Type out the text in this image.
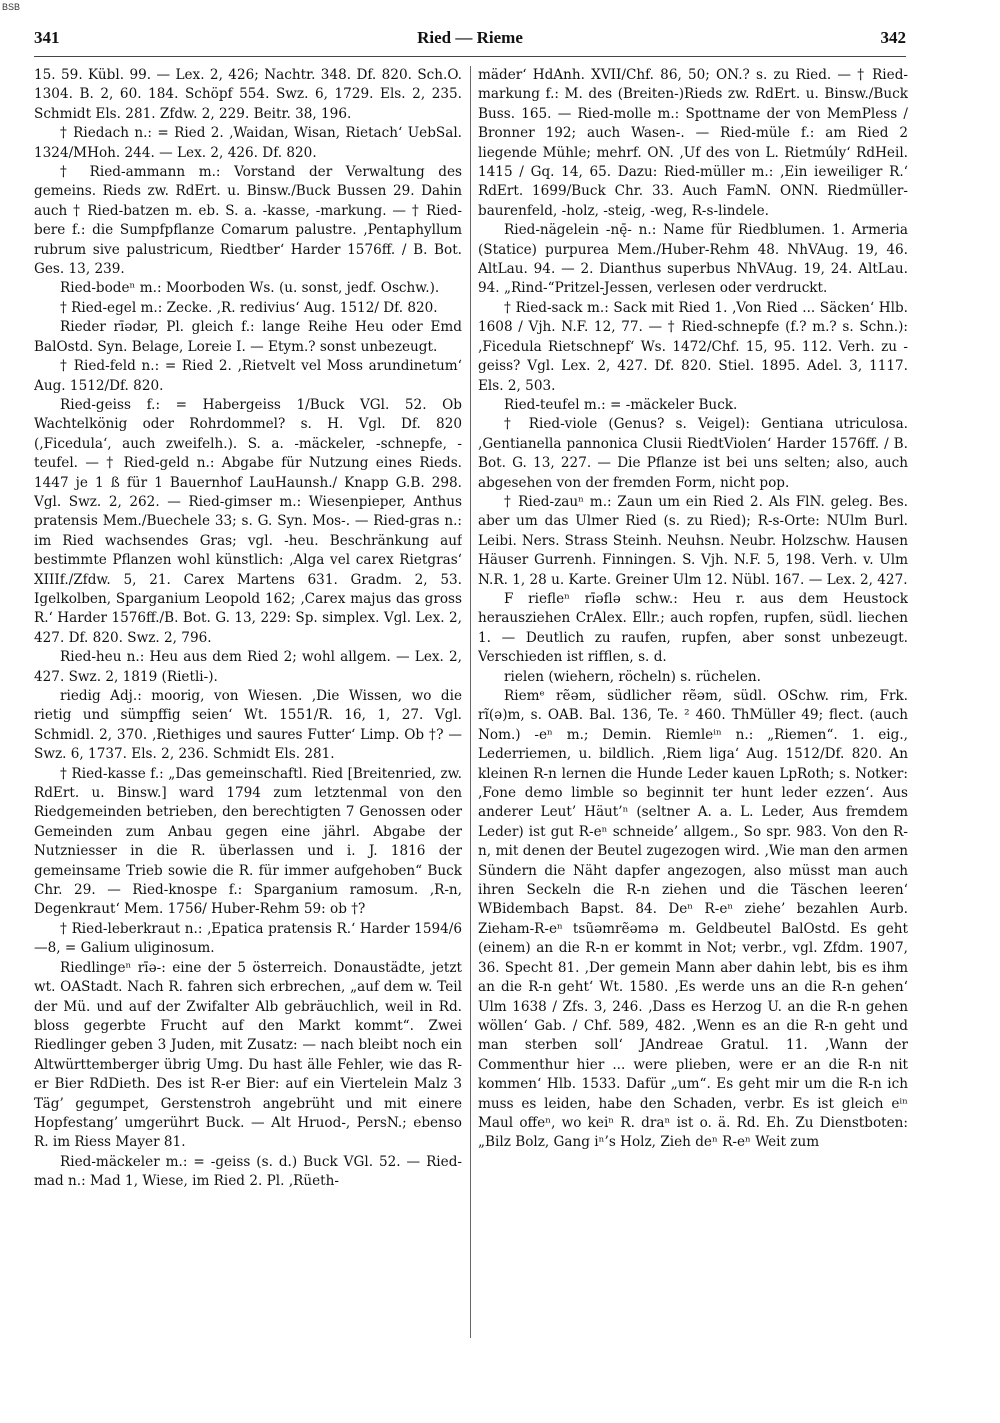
BSB
341	Ried — Rieme	342

15. 59. Kübl. 99. — Lex. 2, 426; Nachtr. 348. Df. 820. Sch.O. 1304. B. 2, 60. 184. Schöpf 554. Swz. 6, 1729. Els. 2, 235. Schmidt Els. 281. Zfdw. 2, 229. Beitr. 38, 196.

† Riedach n.: = Ried 2. ‚Waidan, Wisan, Rietach‘ UebSal. 1324/MHoh. 244. — Lex. 2, 426. Df. 820.

† Ried-ammann m.: Vorstand der Verwaltung des gemeins. Rieds zw. RdErt. u. Binsw./Buck Bussen 29. Dahin auch † Ried-batzen m. eb. S. a. -kasse, -markung. — † Ried-bere f.: die Sumpfpflanze Comarum palustre. ‚Pentaphyllum rubrum sive palustricum, Riedtber‘ Harder 1576ff. / B. Bot. Ges. 13, 239.

Ried-bodeⁿ m.: Moorboden Ws. (u. sonst, jedf. Oschw.).

† Ried-egel m.: Zecke. ‚R. redivius‘ Aug. 1512/ Df. 820.

Rieder rīədər, Pl. gleich f.: lange Reihe Heu oder Emd BalOstd. Syn. Belage, Loreie I. — Etym.? sonst unbezeugt.

† Ried-feld n.: = Ried 2. ‚Rietvelt vel Moss arundinetum‘ Aug. 1512/Df. 820.

Ried-geiss f.: = Habergeiss 1/Buck VGl. 52. Ob Wachtelkönig oder Rohrdommel? s. H. Vgl. Df. 820 (‚Ficedula‘, auch zweifelh.). S. a. -mäckeler, -schnepfe, -teufel. — † Ried-geld n.: Abgabe für Nutzung eines Rieds. 1447 je 1 ß für 1 Bauernhof LauHaunsh./ Knapp G.B. 298. Vgl. Swz. 2, 262. — Ried-gimser m.: Wiesenpieper, Anthus pratensis Mem./Buechele 33; s. G. Syn. Mos-. — Ried-gras n.: im Ried wachsendes Gras; vgl. -heu. Beschränkung auf bestimmte Pflanzen wohl künstlich: ‚Alga vel carex Rietgras‘ XIIIf./Zfdw. 5, 21. Carex Martens 631. Gradm. 2, 53. Igelkolben, Sparganium Leopold 162; ‚Carex majus das gross R.‘ Harder 1576ff./B. Bot. G. 13, 229: Sp. simplex. Vgl. Lex. 2, 427. Df. 820. Swz. 2, 796.

Ried-heu n.: Heu aus dem Ried 2; wohl allgem. — Lex. 2, 427. Swz. 2, 1819 (Rietli-).

riedig Adj.: moorig, von Wiesen. ‚Die Wissen, wo die rietig und sümpffig seien‘ Wt. 1551/R. 16, 1, 27. Vgl. Schmidl. 2, 370. ‚Riethiges und saures Futter‘ Limp. Ob †? — Swz. 6, 1737. Els. 2, 236. Schmidt Els. 281.

† Ried-kasse f.: „Das gemeinschaftl. Ried [Breitenried, zw. RdErt. u. Binsw.] ward 1794 zum letztenmal von den Riedgemeinden betrieben, den berechtigten 7 Genossen oder Gemeinden zum Anbau gegen eine jährl. Abgabe der Nutzniesser in die R. überlassen und i. J. 1816 der gemeinsame Trieb sowie die R. für immer aufgehoben“ Buck Chr. 29. — Ried-knospe f.: Sparganium ramosum. ‚R-n, Degenkraut‘ Mem. 1756/ Huber-Rehm 59: ob †?

† Ried-leberkraut n.: ‚Epatica pratensis R.‘ Harder 1594/6—8, = Galium uliginosum.

Riedlingeⁿ rīə-: eine der 5 österreich. Donaustädte, jetzt wt. OAStadt. Nach R. fahren sich erbrechen, „auf dem w. Teil der Mü. und auf der Zwifalter Alb gebräuchlich, weil in Rd. bloss gegerbte Frucht auf den Markt kommt“. Zwei Riedlinger geben 3 Juden, mit Zusatz: — nach bleibt noch ein Altwürttemberger übrig Umg. Du hast älle Fehler, wie das R-er Bier RdDieth. Des ist R-er Bier: auf ein Viertelein Malz 3 Täg’ gegumpet, Gerstenstroh angebrüht und mit einere Hopfestang’ umgerührt Buck. — Alt Hruod-, PersN.; ebenso R. im Riess Mayer 81.

Ried-mäckeler m.: = -geiss (s. d.) Buck VGl. 52. — Ried-mad n.: Mad 1, Wiese, im Ried 2. Pl. ‚Rüeth-

mäder‘ HdAnh. XVII/Chf. 86, 50; ON.? s. zu Ried. — † Ried-markung f.: M. des (Breiten-)Rieds zw. RdErt. u. Binsw./Buck Buss. 165. — Ried-molle m.: Spottname der von MemPless / Bronner 192; auch Wasen-. — Ried-müle f.: am Ried 2 liegende Mühle; mehrf. ON. ‚Uf des von L. Rietmúly‘ RdHeil. 1415 / Gq. 14, 65. Dazu: Ried-müller m.: ‚Ein ieweiliger R.‘ RdErt. 1699/Buck Chr. 33. Auch FamN. ONN. Riedmüller-baurenfeld, -holz, -steig, -weg, R-s-lindele.

Ried-nägelein -nę̄- n.: Name für Riedblumen. 1. Armeria (Statice) purpurea Mem./Huber-Rehm 48. NhVAug. 19, 46. AltLau. 94. — 2. Dianthus superbus NhVAug. 19, 24. AltLau. 94. „Rind-“Pritzel-Jessen, verlesen oder verdruckt.

† Ried-sack m.: Sack mit Ried 1. ‚Von Ried ... Säcken‘ Hlb. 1608 / Vjh. N.F. 12, 77. — † Ried-schnepfe (f.? m.? s. Schn.): ‚Ficedula Rietschnepf‘ Ws. 1472/Chf. 15, 95. 112. Verh. zu -geiss? Vgl. Lex. 2, 427. Df. 820. Stiel. 1895. Adel. 3, 1117. Els. 2, 503.

Ried-teufel m.: = -mäckeler Buck.

† Ried-viole (Genus? s. Veigel): Gentiana utriculosa. ‚Gentianella pannonica Clusii RiedtViolen‘ Harder 1576ff. / B. Bot. G. 13, 227. — Die Pflanze ist bei uns selten; also, auch abgesehen von der fremden Form, nicht pop.

† Ried-zauⁿ m.: Zaun um ein Ried 2. Als FlN. geleg. Bes. aber um das Ulmer Ried (s. zu Ried); R-s-Orte: NUlm Burl. Leibi. Ners. Strass Steinh. Neuhsn. Neubr. Holzschw. Hausen Häuser Gurrenh. Finningen. S. Vjh. N.F. 5, 198. Verh. v. Ulm N.R. 1, 28 u. Karte. Greiner Ulm 12. Nübl. 167. — Lex. 2, 427.

F riefleⁿ rīəflə schw.: Heu r. aus dem Heustock herausziehen CrAlex. Ellr.; auch ropfen, rupfen, südl. liechen 1. — Deutlich zu raufen, rupfen, aber sonst unbezeugt. Verschieden ist rifflen, s. d.

rielen (wiehern, röcheln) s. rüchelen.

Riemᵉ rẽəm, südlicher rẽəm, südl. OSchw. rim, Frk. rĩ(ə)m, s. OAB. Bal. 136, Te. ² 460. ThMüller 49; flect. (auch Nom.) -eⁿ m.; Demin. Riemleⁱⁿ n.: „Riemen“. 1. eig., Lederriemen, u. bildlich. ‚Riem liga‘ Aug. 1512/Df. 820. An kleinen R-n lernen die Hunde Leder kauen LpRoth; s. Notker: ‚Fone demo limble so beginnit ter hunt leder ezzen‘. Aus anderer Leut’ Häut’ⁿ (seltner A. a. L. Leder, Aus fremdem Leder) ist gut R-eⁿ schneide’ allgem., So spr. 983. Von den R-n, mit denen der Beutel zugezogen wird. ‚Wie man den armen Sündern die Näht dapfer angezogen, also müsst man auch ihren Seckeln die R-n ziehen und die Täschen leeren‘ WBidembach Bapst. 84. Deⁿ R-eⁿ ziehe’ bezahlen Aurb. Zieham-R-eⁿ tsũəmrẽəmə m. Geldbeutel BalOstd. Es geht (einem) an die R-n er kommt in Not; verbr., vgl. Zfdm. 1907, 36. Specht 81. ‚Der gemein Mann aber dahin lebt, bis es ihm an die R-n geht‘ Wt. 1580. ‚Es werde uns an die R-n gehen‘ Ulm 1638 / Zfs. 3, 246. ‚Dass es Herzog U. an die R-n gehen wöllen‘ Gab. / Chf. 589, 482. ‚Wenn es an die R-n geht und man sterben soll‘ JAndreae Gratul. 11. ‚Wann der Commenthur hier ... were plieben, were er an die R-n nit kommen‘ Hlb. 1533. Dafür „um“. Es geht mir um die R-n ich muss es leiden, habe den Schaden, verbr. Es ist gleich eⁱⁿ Maul offeⁿ, wo keiⁿ R. draⁿ ist o. ä. Rd. Eh. Zu Dienstboten: „Bilz Bolz, Gang iⁿ’s Holz, Zieh deⁿ R-eⁿ Weit zum
